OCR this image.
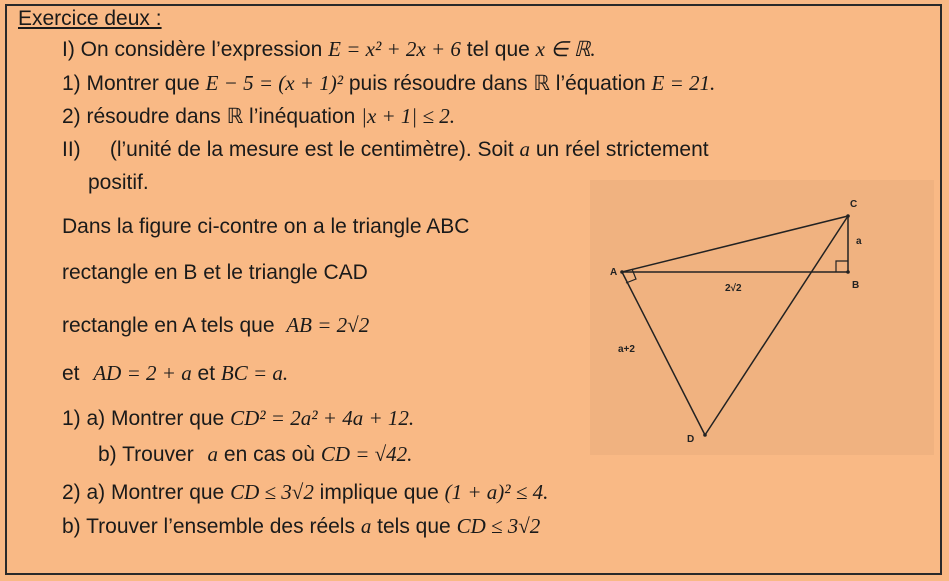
Exercice deux :
I) On considère l’expression E = x² + 2x + 6 tel que x ∈ ℝ.
1) Montrer que E − 5 = (x + 1)² puis résoudre dans ℝ l’équation E = 21.
2) résoudre dans ℝ l’inéquation |x + 1| ≤ 2.
II)     (l’unité de la mesure est le centimètre). Soit a un réel strictement
positif.
Dans la figure ci-contre on a le triangle ABC
rectangle en B et le triangle CAD
rectangle en A tels que AB = 2√2
et AD = 2 + a et BC = a.
1) a) Montrer que CD² = 2a² + 4a + 12.
b) Trouver a en cas où CD = √42.
2) a) Montrer que CD ≤ 3√2 implique que (1 + a)² ≤ 4.
b) Trouver l’ensemble des réels a tels que CD ≤ 3√2
A
B
C
D
a
2√2
a+2
